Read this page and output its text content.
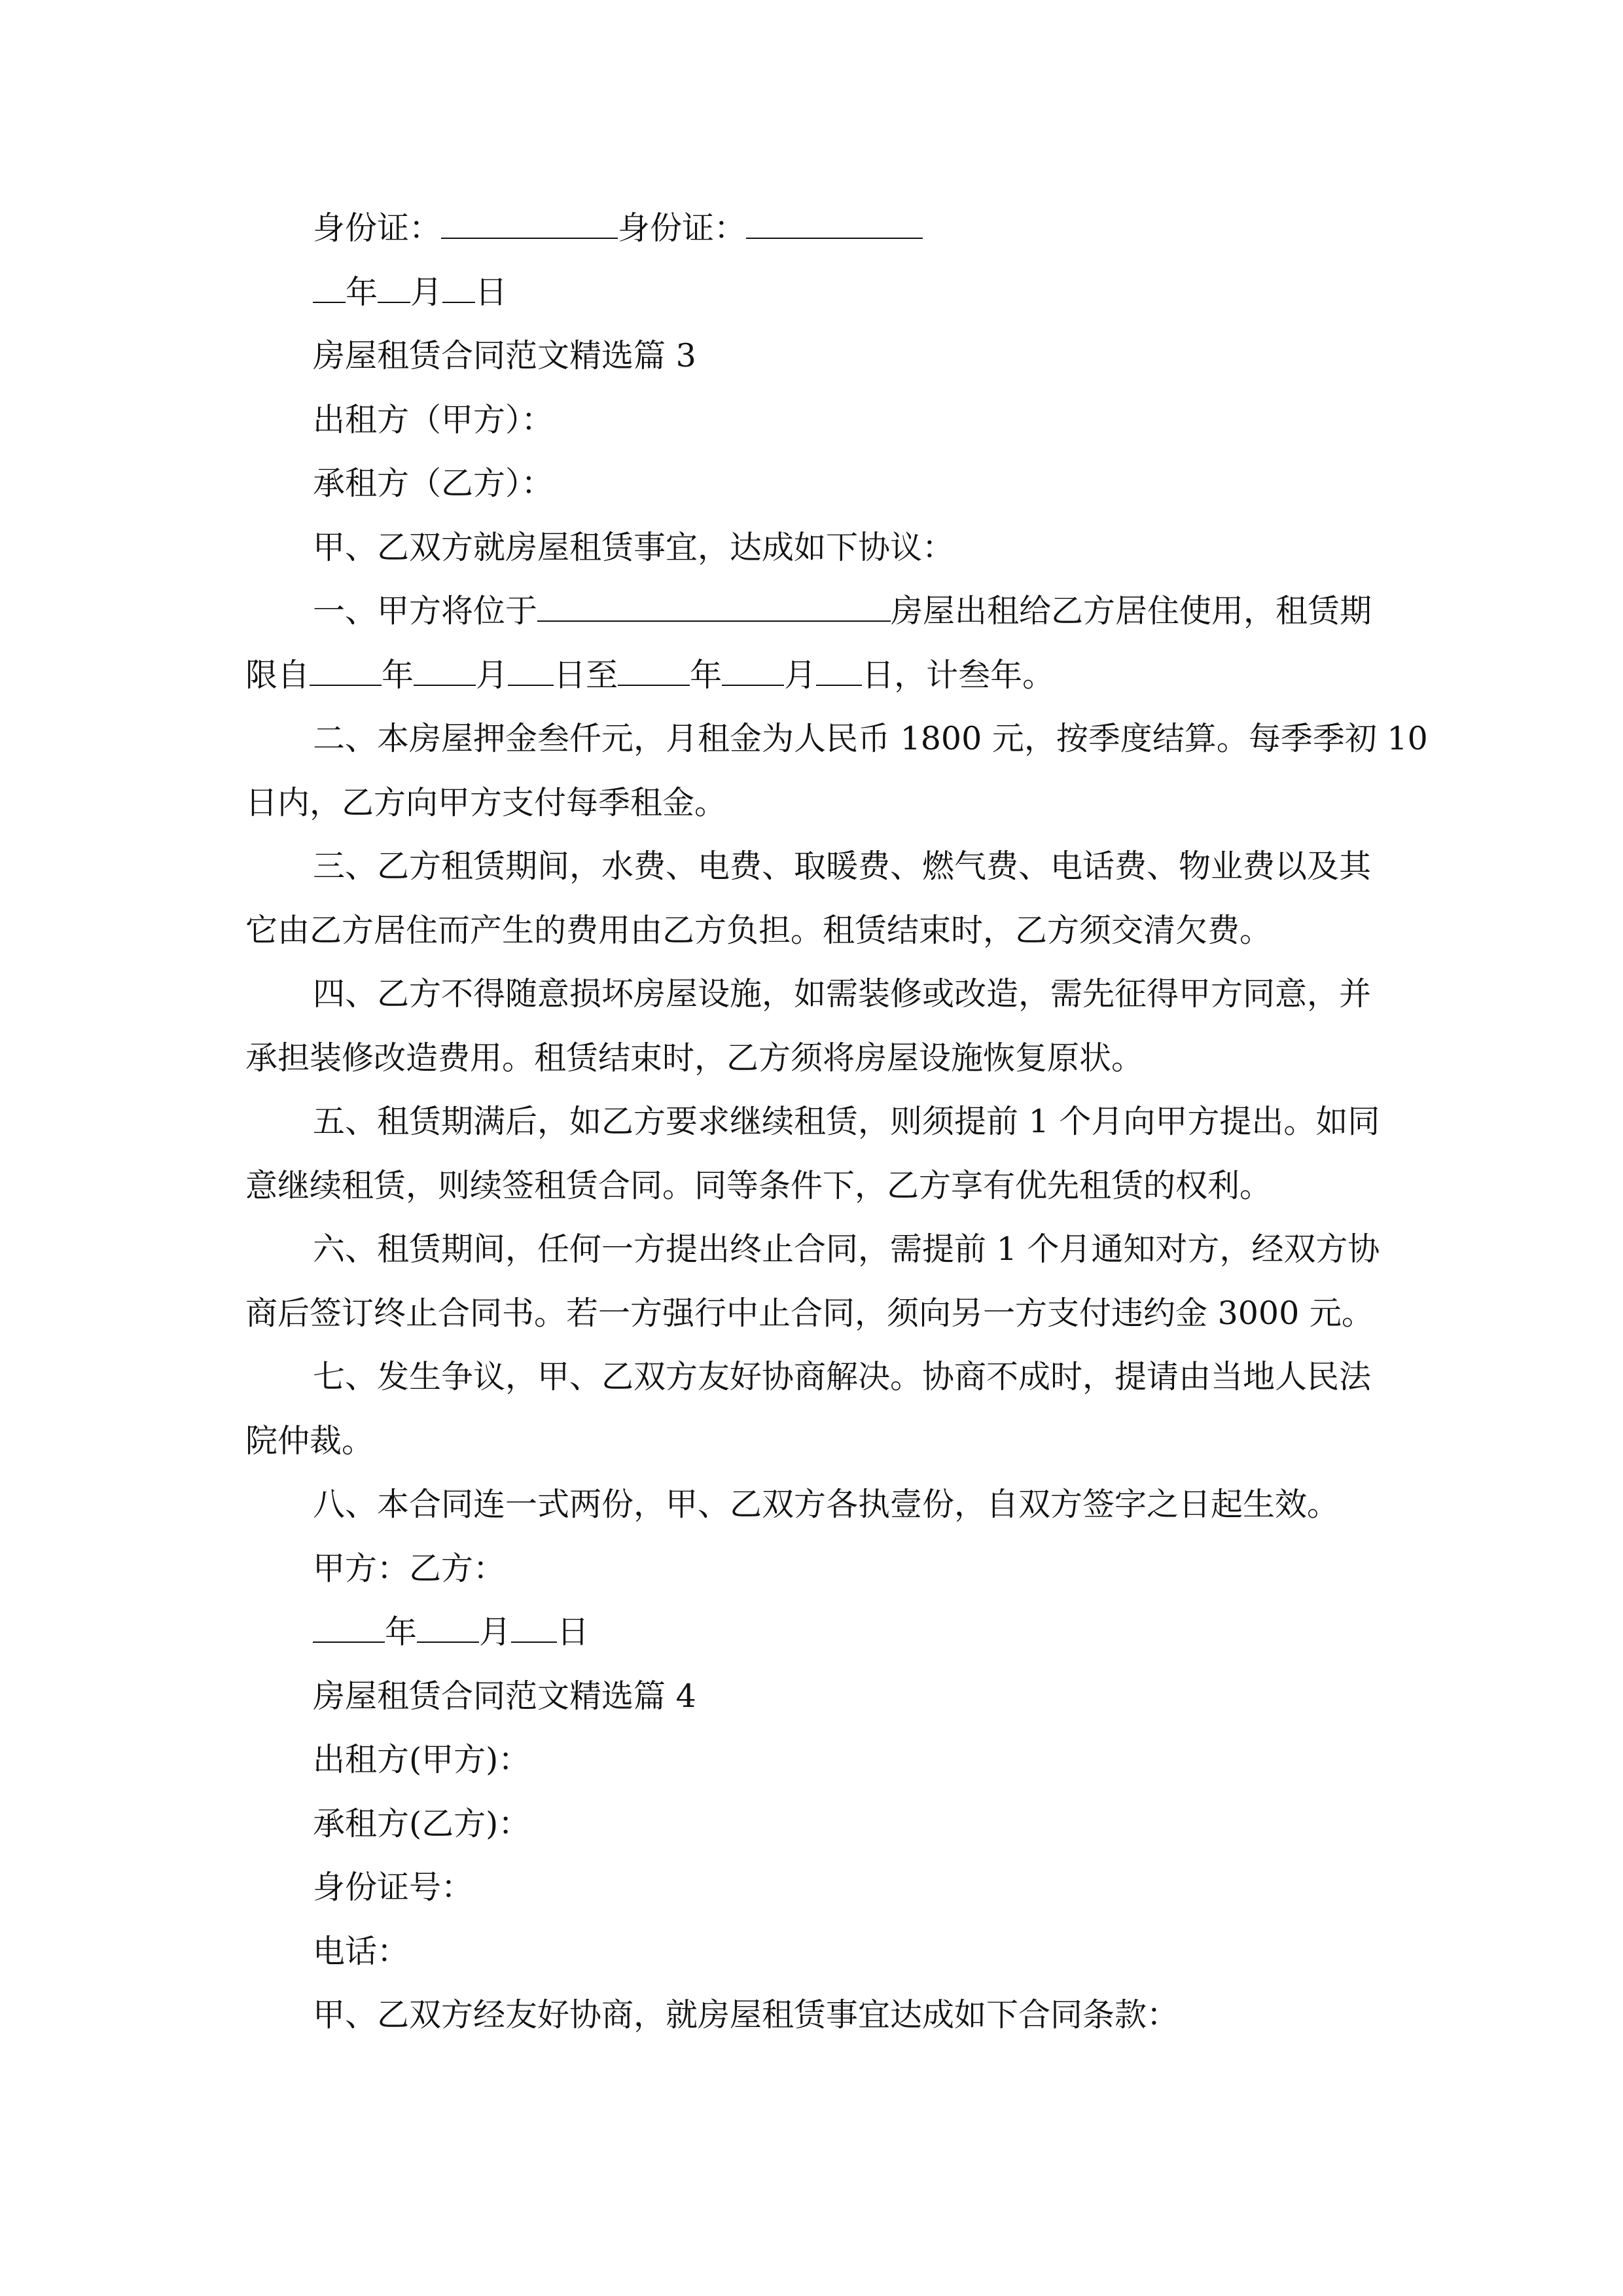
身份证：	身份证：
年 月 日
房屋租赁合同范文精选篇 3
出租方（甲方）：
承租方（乙方）：
甲、乙双方就房屋租赁事宜，达成如下协议：
一、甲方将位于	房屋出租给乙方居住使用，租赁期
限自 年 月 日至 年 月 日，计叁年。
二、本房屋押金叁仟元，月租金为人民币 1800 元，按季度结算。每季季初 10
日内，乙方向甲方支付每季租金。
三、乙方租赁期间，水费、电费、取暖费、燃气费、电话费、物业费以及其
它由乙方居住而产生的费用由乙方负担。租赁结束时，乙方须交清欠费。
四、乙方不得随意损坏房屋设施，如需装修或改造，需先征得甲方同意，并
承担装修改造费用。租赁结束时，乙方须将房屋设施恢复原状。
五、租赁期满后，如乙方要求继续租赁，则须提前 1 个月向甲方提出。如同
意继续租赁，则续签租赁合同。同等条件下，乙方享有优先租赁的权利。
六、租赁期间，任何一方提出终止合同，需提前 1 个月通知对方，经双方协
商后签订终止合同书。若一方强行中止合同，须向另一方支付违约金 3000 元。
七、发生争议，甲、乙双方友好协商解决。协商不成时，提请由当地人民法
院仲裁。
八、本合同连一式两份，甲、乙双方各执壹份，自双方签字之日起生效。
甲方：乙方：
年 月 日
房屋租赁合同范文精选篇 4
出租方(甲方)：
承租方(乙方)：
身份证号：
电话：
甲、乙双方经友好协商，就房屋租赁事宜达成如下合同条款：
